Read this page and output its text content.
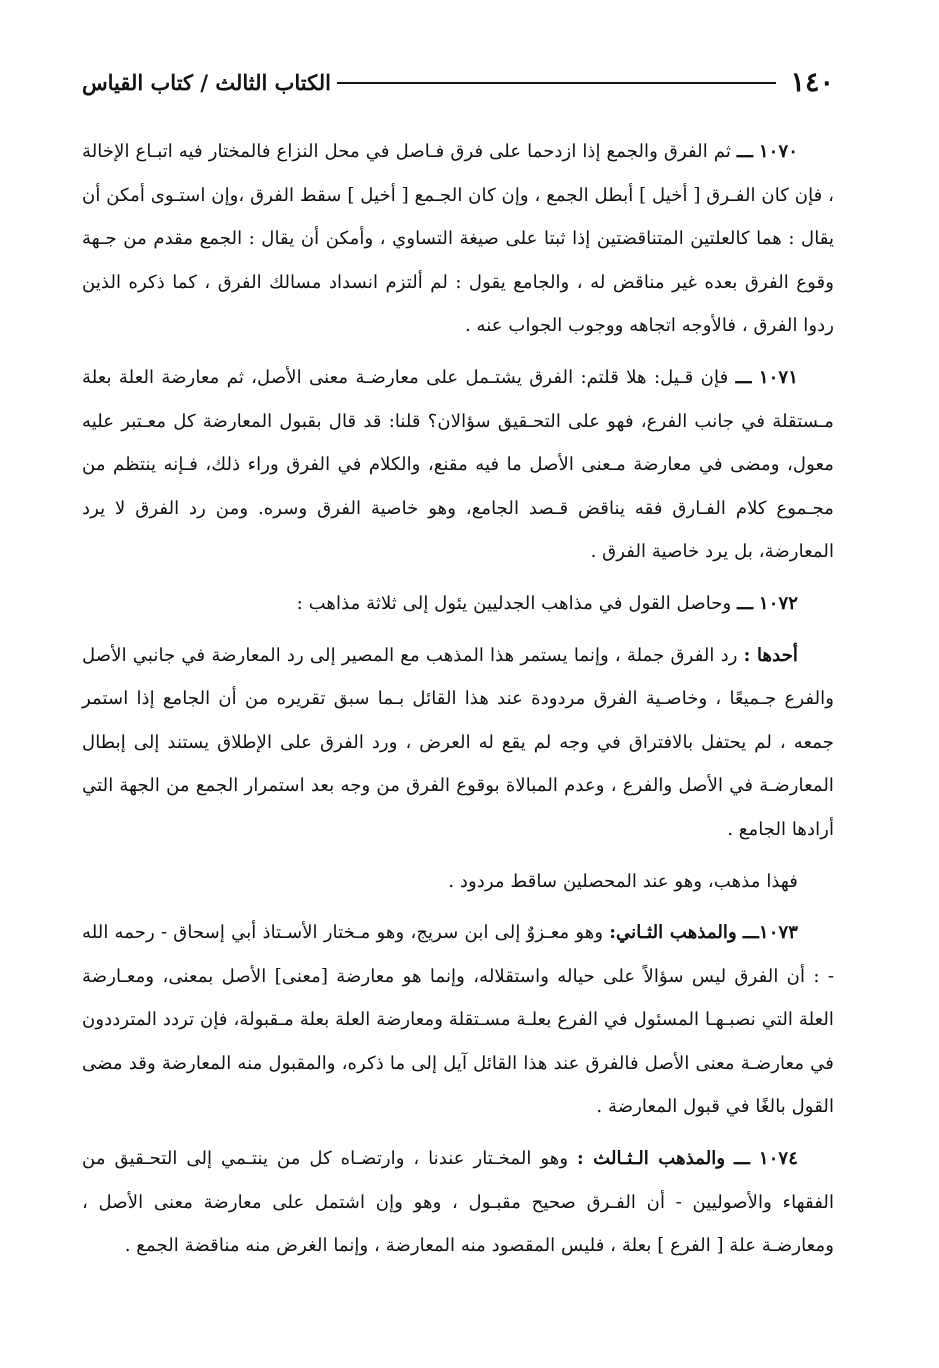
١٤٠
الكتاب الثالث / كتاب القياس

١٠٧٠ ـــ ثم الفرق والجمع إذا ازدحما على فرق فـاصل في محل النزاع فالمختار فيه اتبـاع الإخالة ، فإن كان الفـرق [ أخيل ] أبطل الجمع ، وإن كان الجـمع [ أخيل ] سقط الفرق ،وإن استـوى أمكن أن يقال : هما كالعلتين المتناقضتين إذا ثبتا على صيغة التساوي ، وأمكن أن يقال : الجمع مقدم من جـهة وقوع الفرق بعده غير مناقض له ، والجامع يقول : لم ألتزم انسداد مسالك الفرق ، كما ذكره الذين ردوا الفرق ، فالأوجه اتجاهه ووجوب الجواب عنه .

١٠٧١ ـــ فإن قـيل: هلا قلتم: الفرق يشتـمل على معارضـة معنى الأصل، ثم معارضة العلة بعلة مـستقلة في جانب الفرع، فهو على التحـقيق سؤالان؟ قلنا: قد قال بقبول المعارضة كل معـتبر عليه معول، ومضى في معارضة مـعنى الأصل ما فيه مقنع، والكلام في الفرق وراء ذلك، فـإنه ينتظم من مجـموع كلام الفـارق فقه يناقض قـصد الجامع، وهو خاصية الفرق وسره. ومن رد الفرق لا يرد المعارضة، بل يرد خاصية الفرق .

١٠٧٢ ـــ وحاصل القول في مذاهب الجدليين يئول إلى ثلاثة مذاهب :

أحدها : رد الفرق جملة ، وإنما يستمر هذا المذهب مع المصير إلى رد المعارضة في جانبي الأصل والفرع جـميعًا ، وخاصـية الفرق مردودة عند هذا القائل بـما سبق تقريره من أن الجامع إذا استمر جمعه ، لم يحتفل بالافتراق في وجه لم يقع له العرض ، ورد الفرق على الإطلاق يستند إلى إبطال المعارضـة في الأصل والفرع ، وعدم المبالاة بوقوع الفرق من وجه بعد استمرار الجمع من الجهة التي أرادها الجامع .

فهذا مذهب، وهو عند المحصلين ساقط مردود .

١٠٧٣ـــ والمذهب الثـاني: وهو معـزوٌ إلى ابن سريج، وهو مـختار الأسـتاذ أبي إسحاق - رحمه الله - : أن الفرق ليس سؤالاً على حياله واستقلاله، وإنما هو معارضة [معنى] الأصل بمعنى، ومعـارضة العلة التي نصبـهـا المسئول في الفرع بعلـة مسـتقلة ومعارضة العلة بعلة مـقبولة، فإن تردد المترددون في معارضـة معنى الأصل فالفرق عند هذا القائل آيل إلى ما ذكره، والمقبول منه المعارضة وقد مضى القول بالغًا في قبول المعارضة .

١٠٧٤ ـــ والمذهب الـثـالث : وهو المخـتار عندنا ، وارتضـاه كل من ينتـمي إلى التحـقيق من الفقهاء والأصوليين - أن الفـرق صحيح مقبـول ، وهو وإن اشتمل على معارضة معنى الأصل ، ومعارضـة علة [ الفرع ] بعلة ، فليس المقصود منه المعارضة ، وإنما الغرض منه مناقضة الجمع .
